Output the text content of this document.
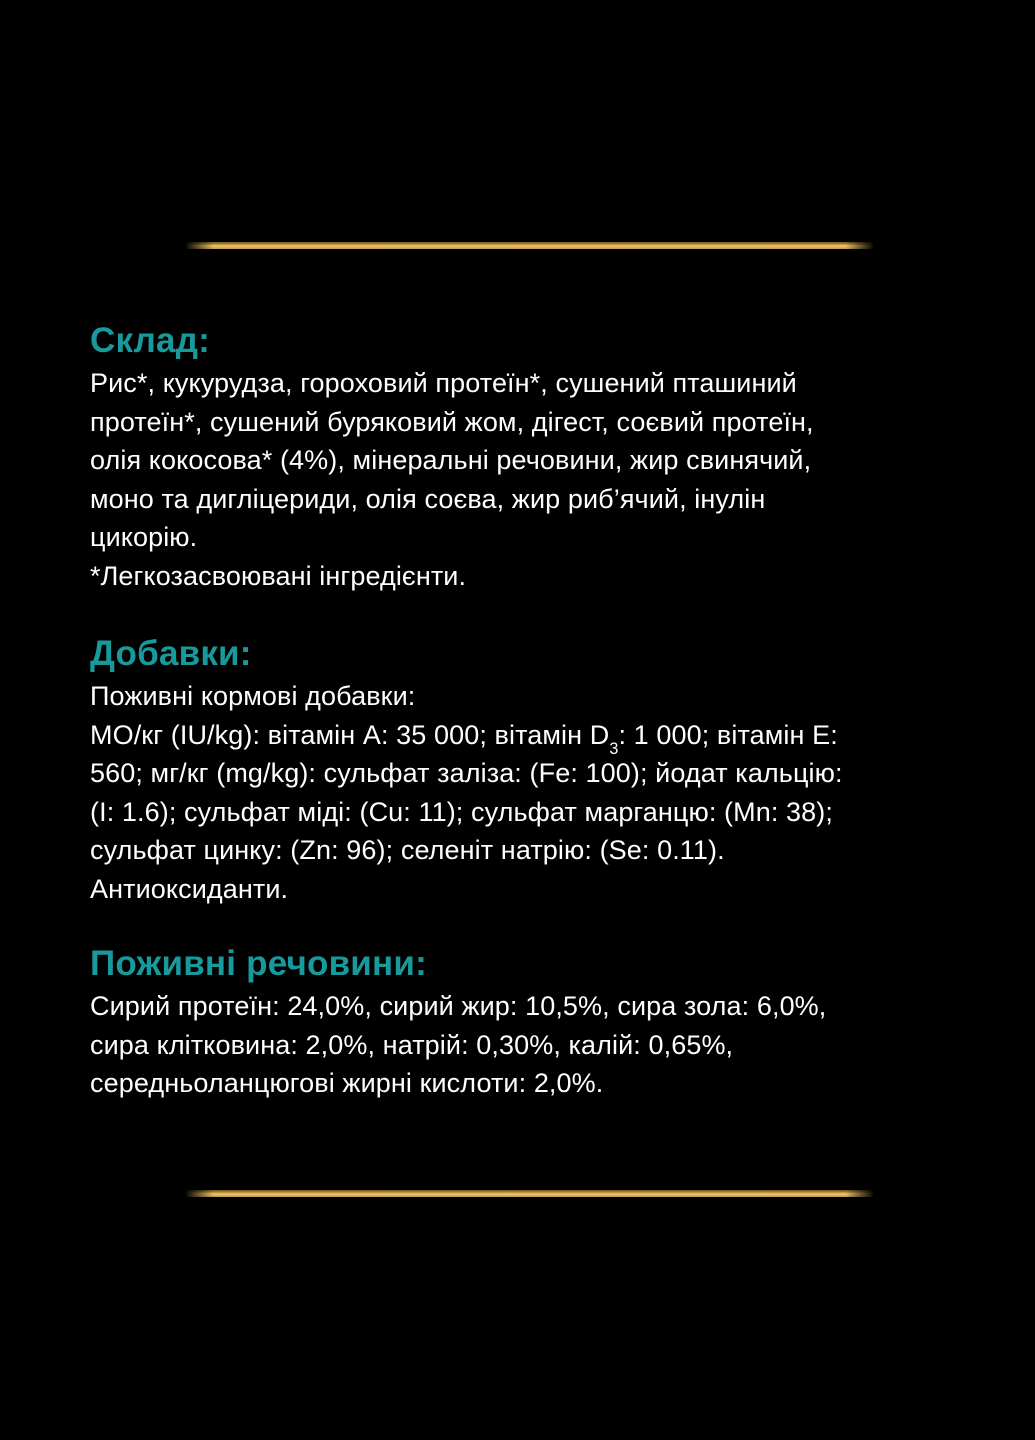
Склад:
Рис*, кукурудза, гороховий протеїн*, сушений пташиний
протеїн*, сушений буряковий жом, дігест, соєвий протеїн,
олія кокосова* (4%), мінеральні речовини, жир свинячий,
моно та дигліцериди, олія соєва, жир риб’ячий, інулін
цикорію.
*Легкозасвоювані інгредієнти.
Добавки:
Поживні кормові добавки:
МО/кг (IU/kg): вітамін A: 35 000; вітамін $D_3$: 1 000; вітамін E:
560; мг/кг (mg/kg): сульфат заліза: (Fe: 100); йодат кальцію:
(I: 1.6); сульфат міді: (Cu: 11); сульфат марганцю: (Mn: 38);
сульфат цинку: (Zn: 96); селеніт натрію: (Se: 0.11).
Антиоксиданти.
Поживні речовини:
Сирий протеїн: 24,0%, сирий жир: 10,5%, сира зола: 6,0%,
сира клітковина: 2,0%, натрій: 0,30%, калій: 0,65%,
середньоланцюгові жирні кислоти: 2,0%.
